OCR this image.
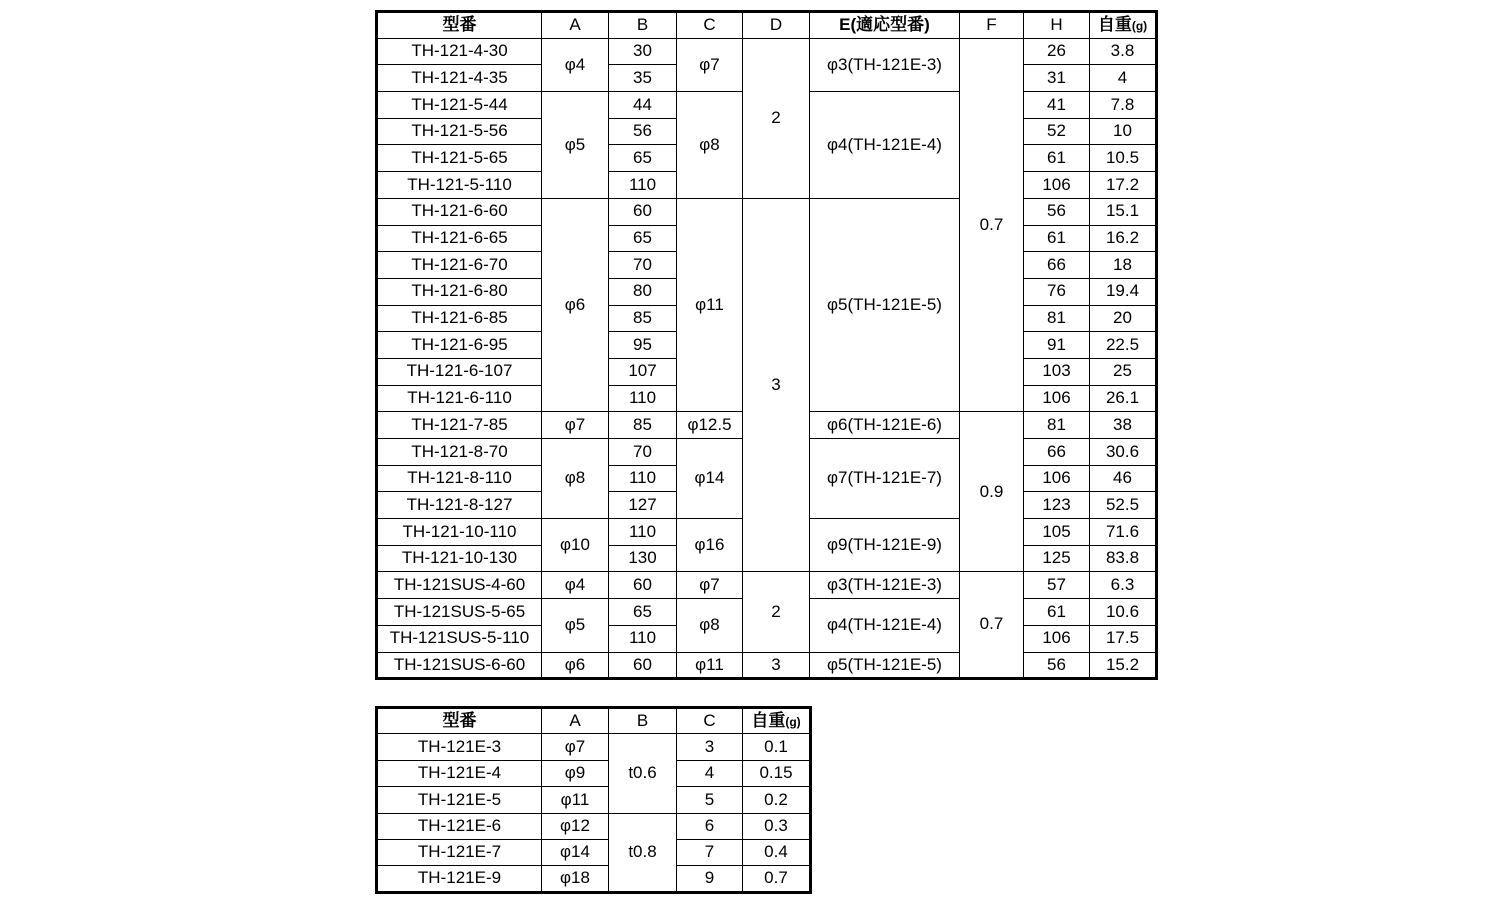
型番	A	B	C	D	E(適応型番)	F	H	自重(g)
TH-121-4-30	φ4	30	φ7	2	φ3(TH-121E-3)	0.7	26	3.8
TH-121-4-35		35					31	4
TH-121-5-44	φ5	44	φ8		φ4(TH-121E-4)		41	7.8
TH-121-5-56		56					52	10
TH-121-5-65		65					61	10.5
TH-121-5-110		110					106	17.2
TH-121-6-60	φ6	60	φ11	3	φ5(TH-121E-5)		56	15.1
TH-121-6-65		65					61	16.2
TH-121-6-70		70					66	18
TH-121-6-80		80					76	19.4
TH-121-6-85		85					81	20
TH-121-6-95		95					91	22.5
TH-121-6-107		107					103	25
TH-121-6-110		110					106	26.1
TH-121-7-85	φ7	85	φ12.5		φ6(TH-121E-6)	0.9	81	38
TH-121-8-70	φ8	70	φ14		φ7(TH-121E-7)		66	30.6
TH-121-8-110		110					106	46
TH-121-8-127		127					123	52.5
TH-121-10-110	φ10	110	φ16		φ9(TH-121E-9)		105	71.6
TH-121-10-130		130					125	83.8
TH-121SUS-4-60	φ4	60	φ7	2	φ3(TH-121E-3)	0.7	57	6.3
TH-121SUS-5-65	φ5	65	φ8		φ4(TH-121E-4)		61	10.6
TH-121SUS-5-110		110					106	17.5
TH-121SUS-6-60	φ6	60	φ11	3	φ5(TH-121E-5)		56	15.2
型番	A	B	C	自重(g)
TH-121E-3	φ7	t0.6	3	0.1
TH-121E-4	φ9		4	0.15
TH-121E-5	φ11		5	0.2
TH-121E-6	φ12	t0.8	6	0.3
TH-121E-7	φ14		7	0.4
TH-121E-9	φ18		9	0.7
